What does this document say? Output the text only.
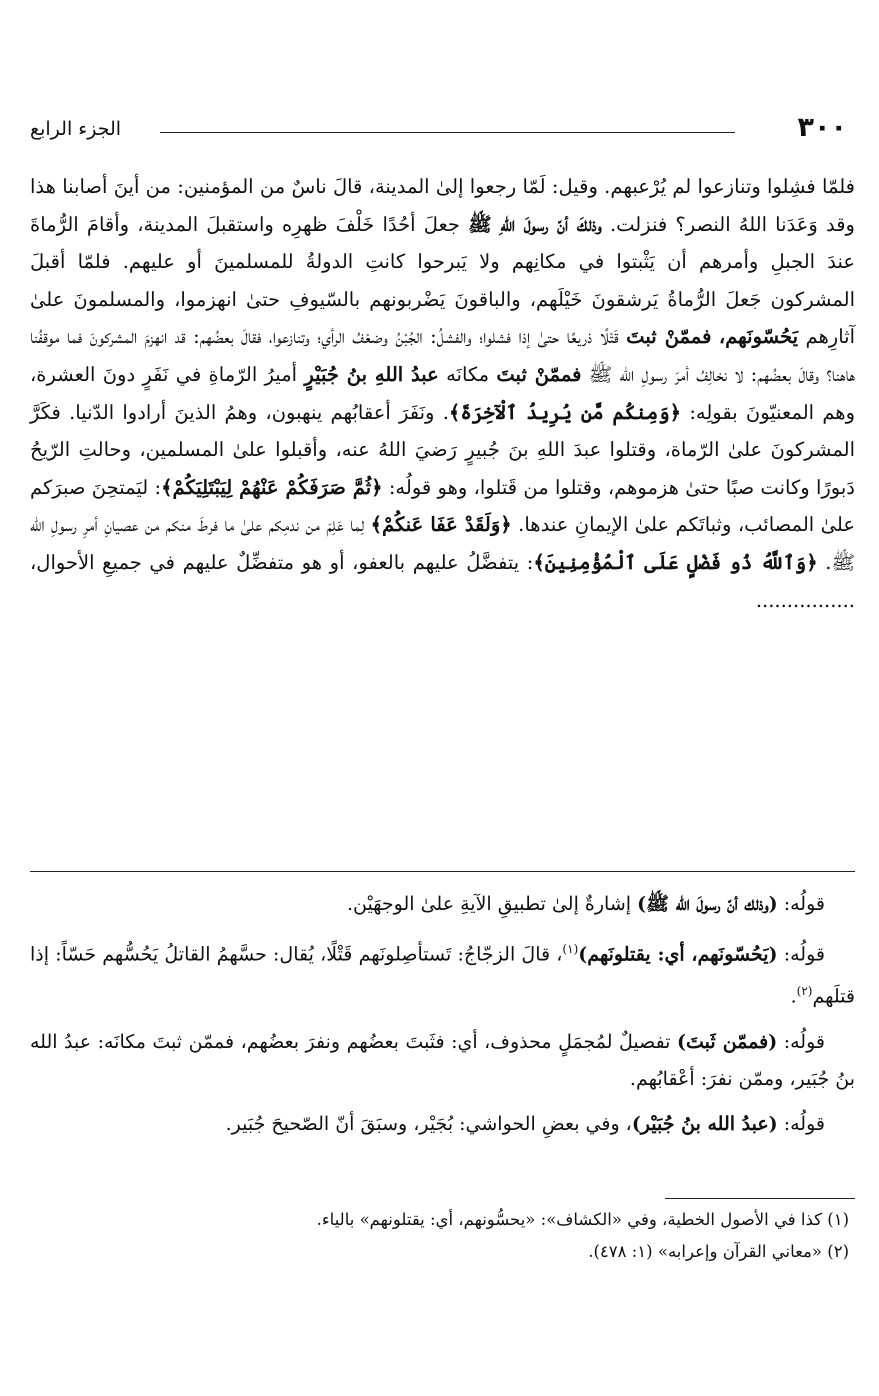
٣٠٠
الجزء الرابع

فلمّا فشِلوا وتنازعوا لم يُرْعبهم. وقيل: لَمّا رجعوا إلىٰ المدينة، قالَ ناسٌ من المؤمنين: من أينَ أصابنا هذا وقد وَعَدَنا اللهُ النصر؟ فنزلت. وذلكَ أنّ رسولَ اللّهِ ﷺ جعلَ أحُدًا خَلْفَ ظهرِه واستقبلَ المدينة، وأقامَ الرُّماةَ عندَ الجبلِ وأمرهم أن يَثْبتوا في مكانِهم ولا يَبرحوا كانتِ الدولةُ للمسلمينَ أو عليهم. فلمّا أقبلَ المشركون جَعلَ الرُّماةُ يَرشقونَ خَيْلَهم، والباقونَ يَضْربونهم بالسّيوفِ حتىٰ انهزموا، والمسلمونَ علىٰ آثارِهم يَحُسّونَهم، فممّنْ ثبتَ قَتْلًا ذريعًا حتىٰ إذا فشلوا؛ والفشلُ: الجُبْنُ وضعْفُ الرأي؛ وتنازعوا، فقالَ بعضُهم: قد انهزمَ المشركونَ فما موقفُنا هاهنا؟ وقالَ بعضُهم: لا نخالِفُ أمرَ رسولِ الله ﷺ فممّنْ ثبتَ مكانَه عبدُ اللهِ بنُ جُبَيْرٍ أميرُ الرّماةِ في نَفَرٍ دونَ العشرة، وهم المعنيّونَ بقولِه: ﴿وَمِنكُم مَّن يُرِيدُ ٱلْآخِرَةَ﴾. ونَفَرَ أعقابُهم ينهبون، وهمُ الذينَ أرادوا الدّنيا. فكَرَّ المشركونَ علىٰ الرّماة، وقتلوا عبدَ اللهِ بنَ جُبيرٍ رَضيَ اللهُ عنه، وأقبلوا علىٰ المسلمين، وحالتِ الرّيحُ دَبورًا وكانت صبًا حتىٰ هزموهم، وقتلوا من قَتلوا، وهو قولُه: ﴿ثُمَّ صَرَفَكُمْ عَنْهُمْ لِيَبْتَلِيَكُمْ﴾: ليَمتحِنَ صبرَكم علىٰ المصائب، وثباتَكم علىٰ الإيمانِ عندها. ﴿وَلَقَدْ عَفَا عَنكُمْ﴾ لِما عَلِمَ من ندمِكم علىٰ ما فرطَ منكم من عصيانِ أمرِ رسولِ الله ﷺ. ﴿وَٱللَّهُ ذُو فَضْلٍ عَلَى ٱلْمُؤْمِنِينَ﴾: يتفضَّلُ عليهم بالعفو، أو هو متفضِّلٌ عليهم في جميعِ الأحوال، ................

قولُه: (وذلك أنّ رسولَ الله ﷺ) إشارةٌ إلىٰ تطبيقِ الآيةِ علىٰ الوجهَيْن.

قولُه: (يَحُسّونَهم، أي: يقتلونَهم)$^{(١)}$، قالَ الزجّاجُ: تَستأصِلونَهم قَتْلًا، يُقال: حسَّهمُ القاتلُ يَحُسُّهم حَسّاً: إذا قتلَهم$^{(٢)}$.

قولُه: (فممّن ثَبتَ) تفصيلٌ لمُجمَلٍ محذوف، أي: فثَبتَ بعضُهم ونفرَ بعضُهم، فممّن ثبتَ مكانَه: عبدُ الله بنُ جُبَير، وممّن نفرَ: أعْقابُهم.

قولُه: (عبدُ الله بنُ جُبَيْر)، وفي بعضِ الحواشي: بُجَيْر، وسبَقَ أنّ الصّحيحَ جُبَير.

(١) كذا في الأصول الخطية، وفي «الكشاف»: «يحسُّونهم، أي: يقتلونهم» بالياء.

(٢) «معاني القرآن وإعرابه» (١: ٤٧٨).
